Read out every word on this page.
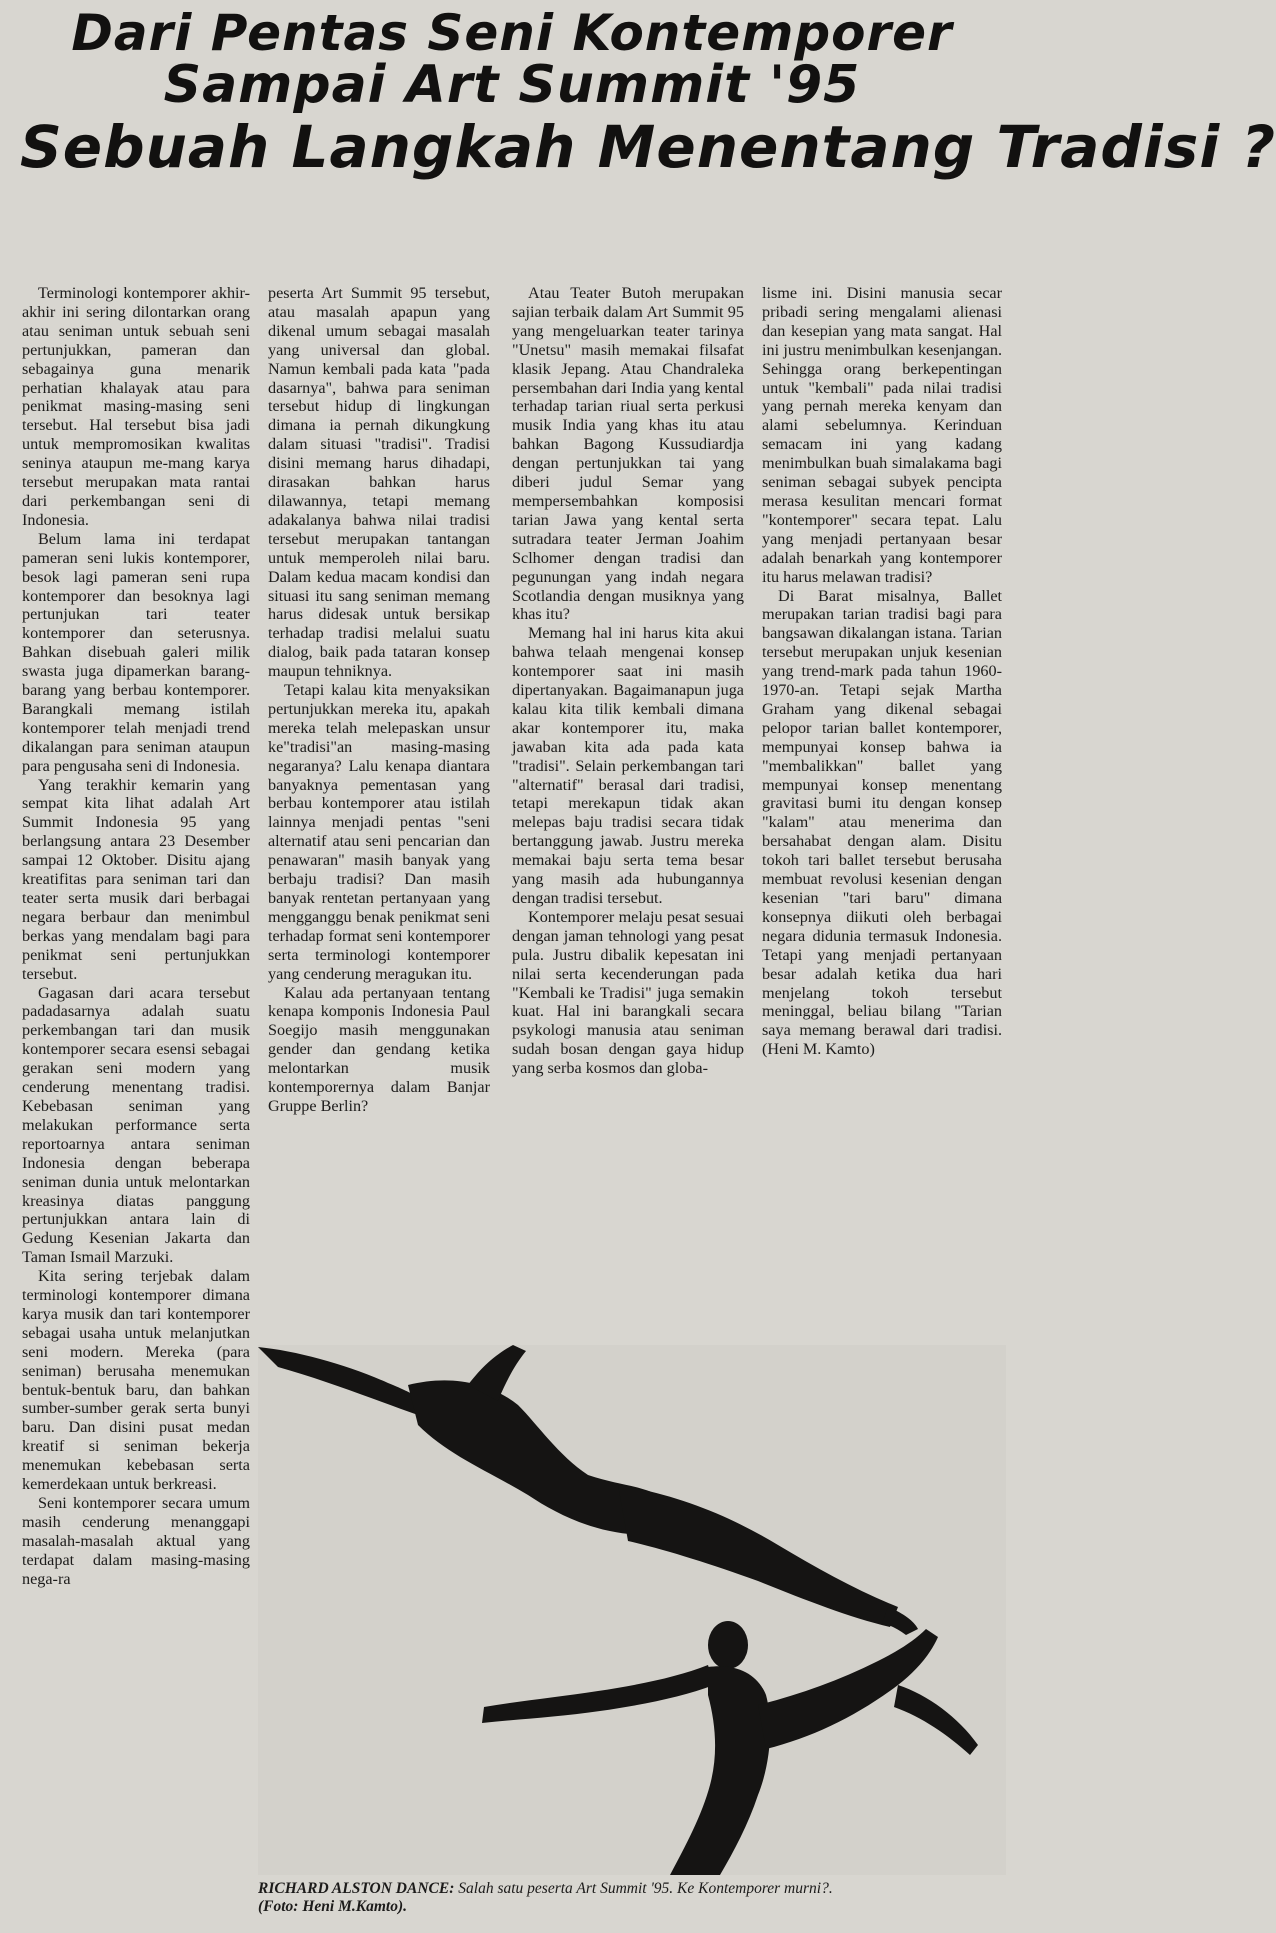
Dari Pentas Seni Kontemporer
Sampai Art Summit '95
Sebuah Langkah Menentang Tradisi ?

Terminologi kontemporer akhir-akhir ini sering dilontarkan orang atau seniman untuk sebuah seni pertunjukkan, pameran dan sebagainya guna menarik perhatian khalayak atau para penikmat masing-masing seni tersebut. Hal tersebut bisa jadi untuk mempromosikan kwalitas seninya ataupun me-mang karya tersebut merupakan mata rantai dari perkembangan seni di Indonesia.

Belum lama ini terdapat pameran seni lukis kontemporer, besok lagi pameran seni rupa kontemporer dan besoknya lagi pertunjukan tari teater kontemporer dan seterusnya. Bahkan disebuah galeri milik swasta juga dipamerkan barang-barang yang berbau kontemporer. Barangkali memang istilah kontemporer telah menjadi trend dikalangan para seniman ataupun para pengusaha seni di Indonesia.

Yang terakhir kemarin yang sempat kita lihat adalah Art Summit Indonesia 95 yang berlangsung antara 23 Desember sampai 12 Oktober. Disitu ajang kreatifitas para seniman tari dan teater serta musik dari berbagai negara berbaur dan menimbul berkas yang mendalam bagi para penikmat seni pertunjukkan tersebut.

Gagasan dari acara tersebut padadasarnya adalah suatu perkembangan tari dan musik kontemporer secara esensi sebagai gerakan seni modern yang cenderung menentang tradisi. Kebebasan seniman yang melakukan performance serta reportoarnya antara seniman Indonesia dengan beberapa seniman dunia untuk melontarkan kreasinya diatas panggung pertunjukkan antara lain di Gedung Kesenian Jakarta dan Taman Ismail Marzuki.

Kita sering terjebak dalam terminologi kontemporer dimana karya musik dan tari kontemporer sebagai usaha untuk melanjutkan seni modern. Mereka (para seniman) berusaha menemukan bentuk-bentuk baru, dan bahkan sumber-sumber gerak serta bunyi baru. Dan disini pusat medan kreatif si seniman bekerja menemukan kebebasan serta kemerdekaan untuk berkreasi.

Seni kontemporer secara umum masih cenderung menanggapi masalah-masalah aktual yang terdapat dalam masing-masing nega-ra

peserta Art Summit 95 tersebut, atau masalah apapun yang dikenal umum sebagai masalah yang universal dan global. Namun kembali pada kata "pada dasarnya", bahwa para seniman tersebut hidup di lingkungan dimana ia pernah dikungkung dalam situasi "tradisi". Tradisi disini memang harus dihadapi, dirasakan bahkan harus dilawannya, tetapi memang adakalanya bahwa nilai tradisi tersebut merupakan tantangan untuk memperoleh nilai baru. Dalam kedua macam kondisi dan situasi itu sang seniman memang harus didesak untuk bersikap terhadap tradisi melalui suatu dialog, baik pada tataran konsep maupun tehniknya.

Tetapi kalau kita menyaksikan pertunjukkan mereka itu, apakah mereka telah melepaskan unsur ke"tradisi"an masing-masing negaranya? Lalu kenapa diantara banyaknya pementasan yang berbau kontemporer atau istilah lainnya menjadi pentas "seni alternatif atau seni pencarian dan penawaran" masih banyak yang berbaju tradisi? Dan masih banyak rentetan pertanyaan yang mengganggu benak penikmat seni terhadap format seni kontemporer serta terminologi kontemporer yang cenderung meragukan itu.

Kalau ada pertanyaan tentang kenapa komponis Indonesia Paul Soegijo masih menggunakan gender dan gendang ketika melontarkan musik kontemporernya dalam Banjar Gruppe Berlin?

Atau Teater Butoh merupakan sajian terbaik dalam Art Summit 95 yang mengeluarkan teater tarinya "Unetsu" masih memakai filsafat klasik Jepang. Atau Chandraleka persembahan dari India yang kental terhadap tarian riual serta perkusi musik India yang khas itu atau bahkan Bagong Kussudiardja dengan pertunjukkan tai yang diberi judul Semar yang mempersembahkan komposisi tarian Jawa yang kental serta sutradara teater Jerman Joahim Sclhomer dengan tradisi dan pegunungan yang indah negara Scotlandia dengan musiknya yang khas itu?

Memang hal ini harus kita akui bahwa telaah mengenai konsep kontemporer saat ini masih dipertanyakan. Bagaimanapun juga kalau kita tilik kembali dimana akar kontemporer itu, maka jawaban kita ada pada kata "tradisi". Selain perkembangan tari "alternatif" berasal dari tradisi, tetapi merekapun tidak akan melepas baju tradisi secara tidak bertanggung jawab. Justru mereka memakai baju serta tema besar yang masih ada hubungannya dengan tradisi tersebut.

Kontemporer melaju pesat sesuai dengan jaman tehnologi yang pesat pula. Justru dibalik kepesatan ini nilai serta kecenderungan pada "Kembali ke Tradisi" juga semakin kuat. Hal ini barangkali secara psykologi manusia atau seniman sudah bosan dengan gaya hidup yang serba kosmos dan globa-

lisme ini. Disini manusia secar pribadi sering mengalami alienasi dan kesepian yang mata sangat. Hal ini justru menimbulkan kesenjangan. Sehingga orang berkepentingan untuk "kembali" pada nilai tradisi yang pernah mereka kenyam dan alami sebelumnya. Kerinduan semacam ini yang kadang menimbulkan buah simalakama bagi seniman sebagai subyek pencipta merasa kesulitan mencari format "kontemporer" secara tepat. Lalu yang menjadi pertanyaan besar adalah benarkah yang kontemporer itu harus melawan tradisi?

Di Barat misalnya, Ballet merupakan tarian tradisi bagi para bangsawan dikalangan istana. Tarian tersebut merupakan unjuk kesenian yang trend-mark pada tahun 1960-1970-an. Tetapi sejak Martha Graham yang dikenal sebagai pelopor tarian ballet kontemporer, mempunyai konsep bahwa ia "membalikkan" ballet yang mempunyai konsep menentang gravitasi bumi itu dengan konsep "kalam" atau menerima dan bersahabat dengan alam. Disitu tokoh tari ballet tersebut berusaha membuat revolusi kesenian dengan kesenian "tari baru" dimana konsepnya diikuti oleh berbagai negara didunia termasuk Indonesia. Tetapi yang menjadi pertanyaan besar adalah ketika dua hari menjelang tokoh tersebut meninggal, beliau bilang "Tarian saya memang berawal dari tradisi. (Heni M. Kamto)

RICHARD ALSTON DANCE: Salah satu peserta Art Summit '95. Ke Kontemporer murni?.
(Foto: Heni M.Kamto).
